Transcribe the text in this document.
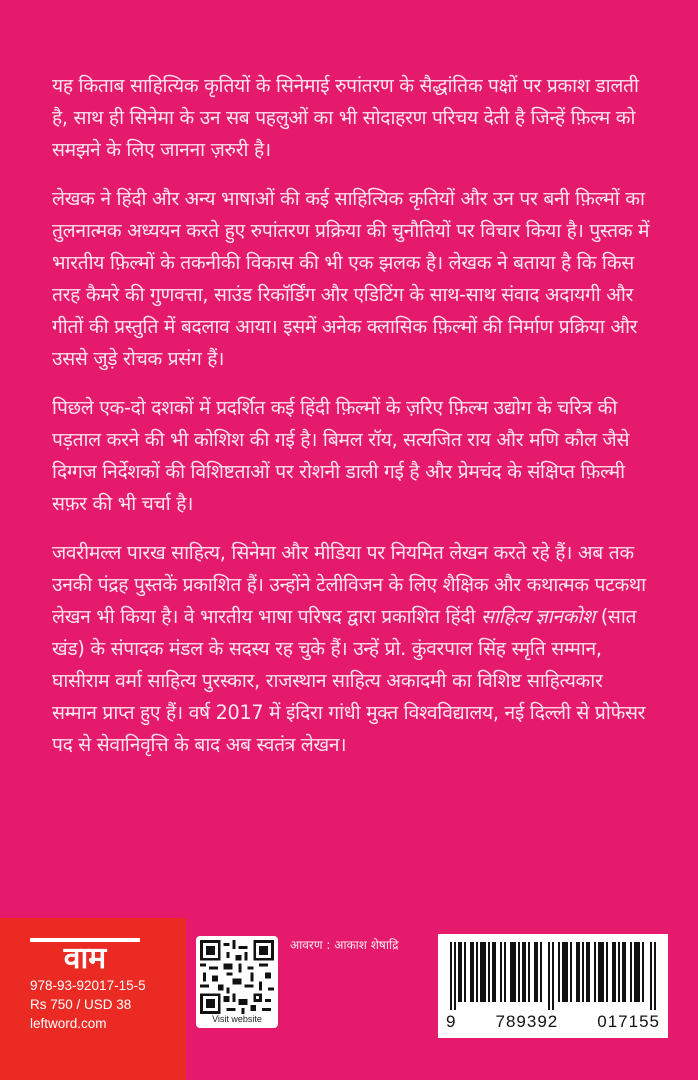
यह किताब साहित्यिक कृतियों के सिनेमाई रुपांतरण के सैद्धांतिक पक्षों पर प्रकाश डालती है, साथ ही सिनेमा के उन सब पहलुओं का भी सोदाहरण परिचय देती है जिन्हें फ़िल्म को समझने के लिए जानना ज़रुरी है।

लेखक ने हिंदी और अन्य भाषाओं की कई साहित्यिक कृतियों और उन पर बनी फ़िल्मों का तुलनात्मक अध्ययन करते हुए रुपांतरण प्रक्रिया की चुनौतियों पर विचार किया है। पुस्तक में भारतीय फ़िल्मों के तकनीकी विकास की भी एक झलक है। लेखक ने बताया है कि किस तरह कैमरे की गुणवत्ता, साउंड रिकॉर्डिंग और एडिटिंग के साथ-साथ संवाद अदायगी और गीतों की प्रस्तुति में बदलाव आया। इसमें अनेक क्लासिक फ़िल्मों की निर्माण प्रक्रिया और उससे जुड़े रोचक प्रसंग हैं।

पिछले एक-दो दशकों में प्रदर्शित कई हिंदी फ़िल्मों के ज़रिए फ़िल्म उद्योग के चरित्र की पड़ताल करने की भी कोशिश की गई है। बिमल रॉय, सत्यजित राय और मणि कौल जैसे दिग्गज निर्देशकों की विशिष्टताओं पर रोशनी डाली गई है और प्रेमचंद के संक्षिप्त फ़िल्मी सफ़र की भी चर्चा है।

जवरीमल्ल पारख साहित्य, सिनेमा और मीडिया पर नियमित लेखन करते रहे हैं। अब तक उनकी पंद्रह पुस्तकें प्रकाशित हैं। उन्होंने टेलीविजन के लिए शैक्षिक और कथात्मक पटकथा लेखन भी किया है। वे भारतीय भाषा परिषद द्वारा प्रकाशित हिंदी साहित्य ज्ञानकोश (सात खंड) के संपादक मंडल के सदस्य रह चुके हैं। उन्हें प्रो. कुंवरपाल सिंह स्मृति सम्मान, घासीराम वर्मा साहित्य पुरस्कार, राजस्थान साहित्य अकादमी का विशिष्ट साहित्यकार सम्मान प्राप्त हुए हैं। वर्ष 2017 में इंदिरा गांधी मुक्त विश्वविद्यालय, नई दिल्ली से प्रोफेसर पद से सेवानिवृत्ति के बाद अब स्वतंत्र लेखन।

वाम
978-93-92017-15-5
Rs 750 / USD 38
leftword.com	Visit website
आवरण : आकाश शेषाद्रि
9 789392 017155
